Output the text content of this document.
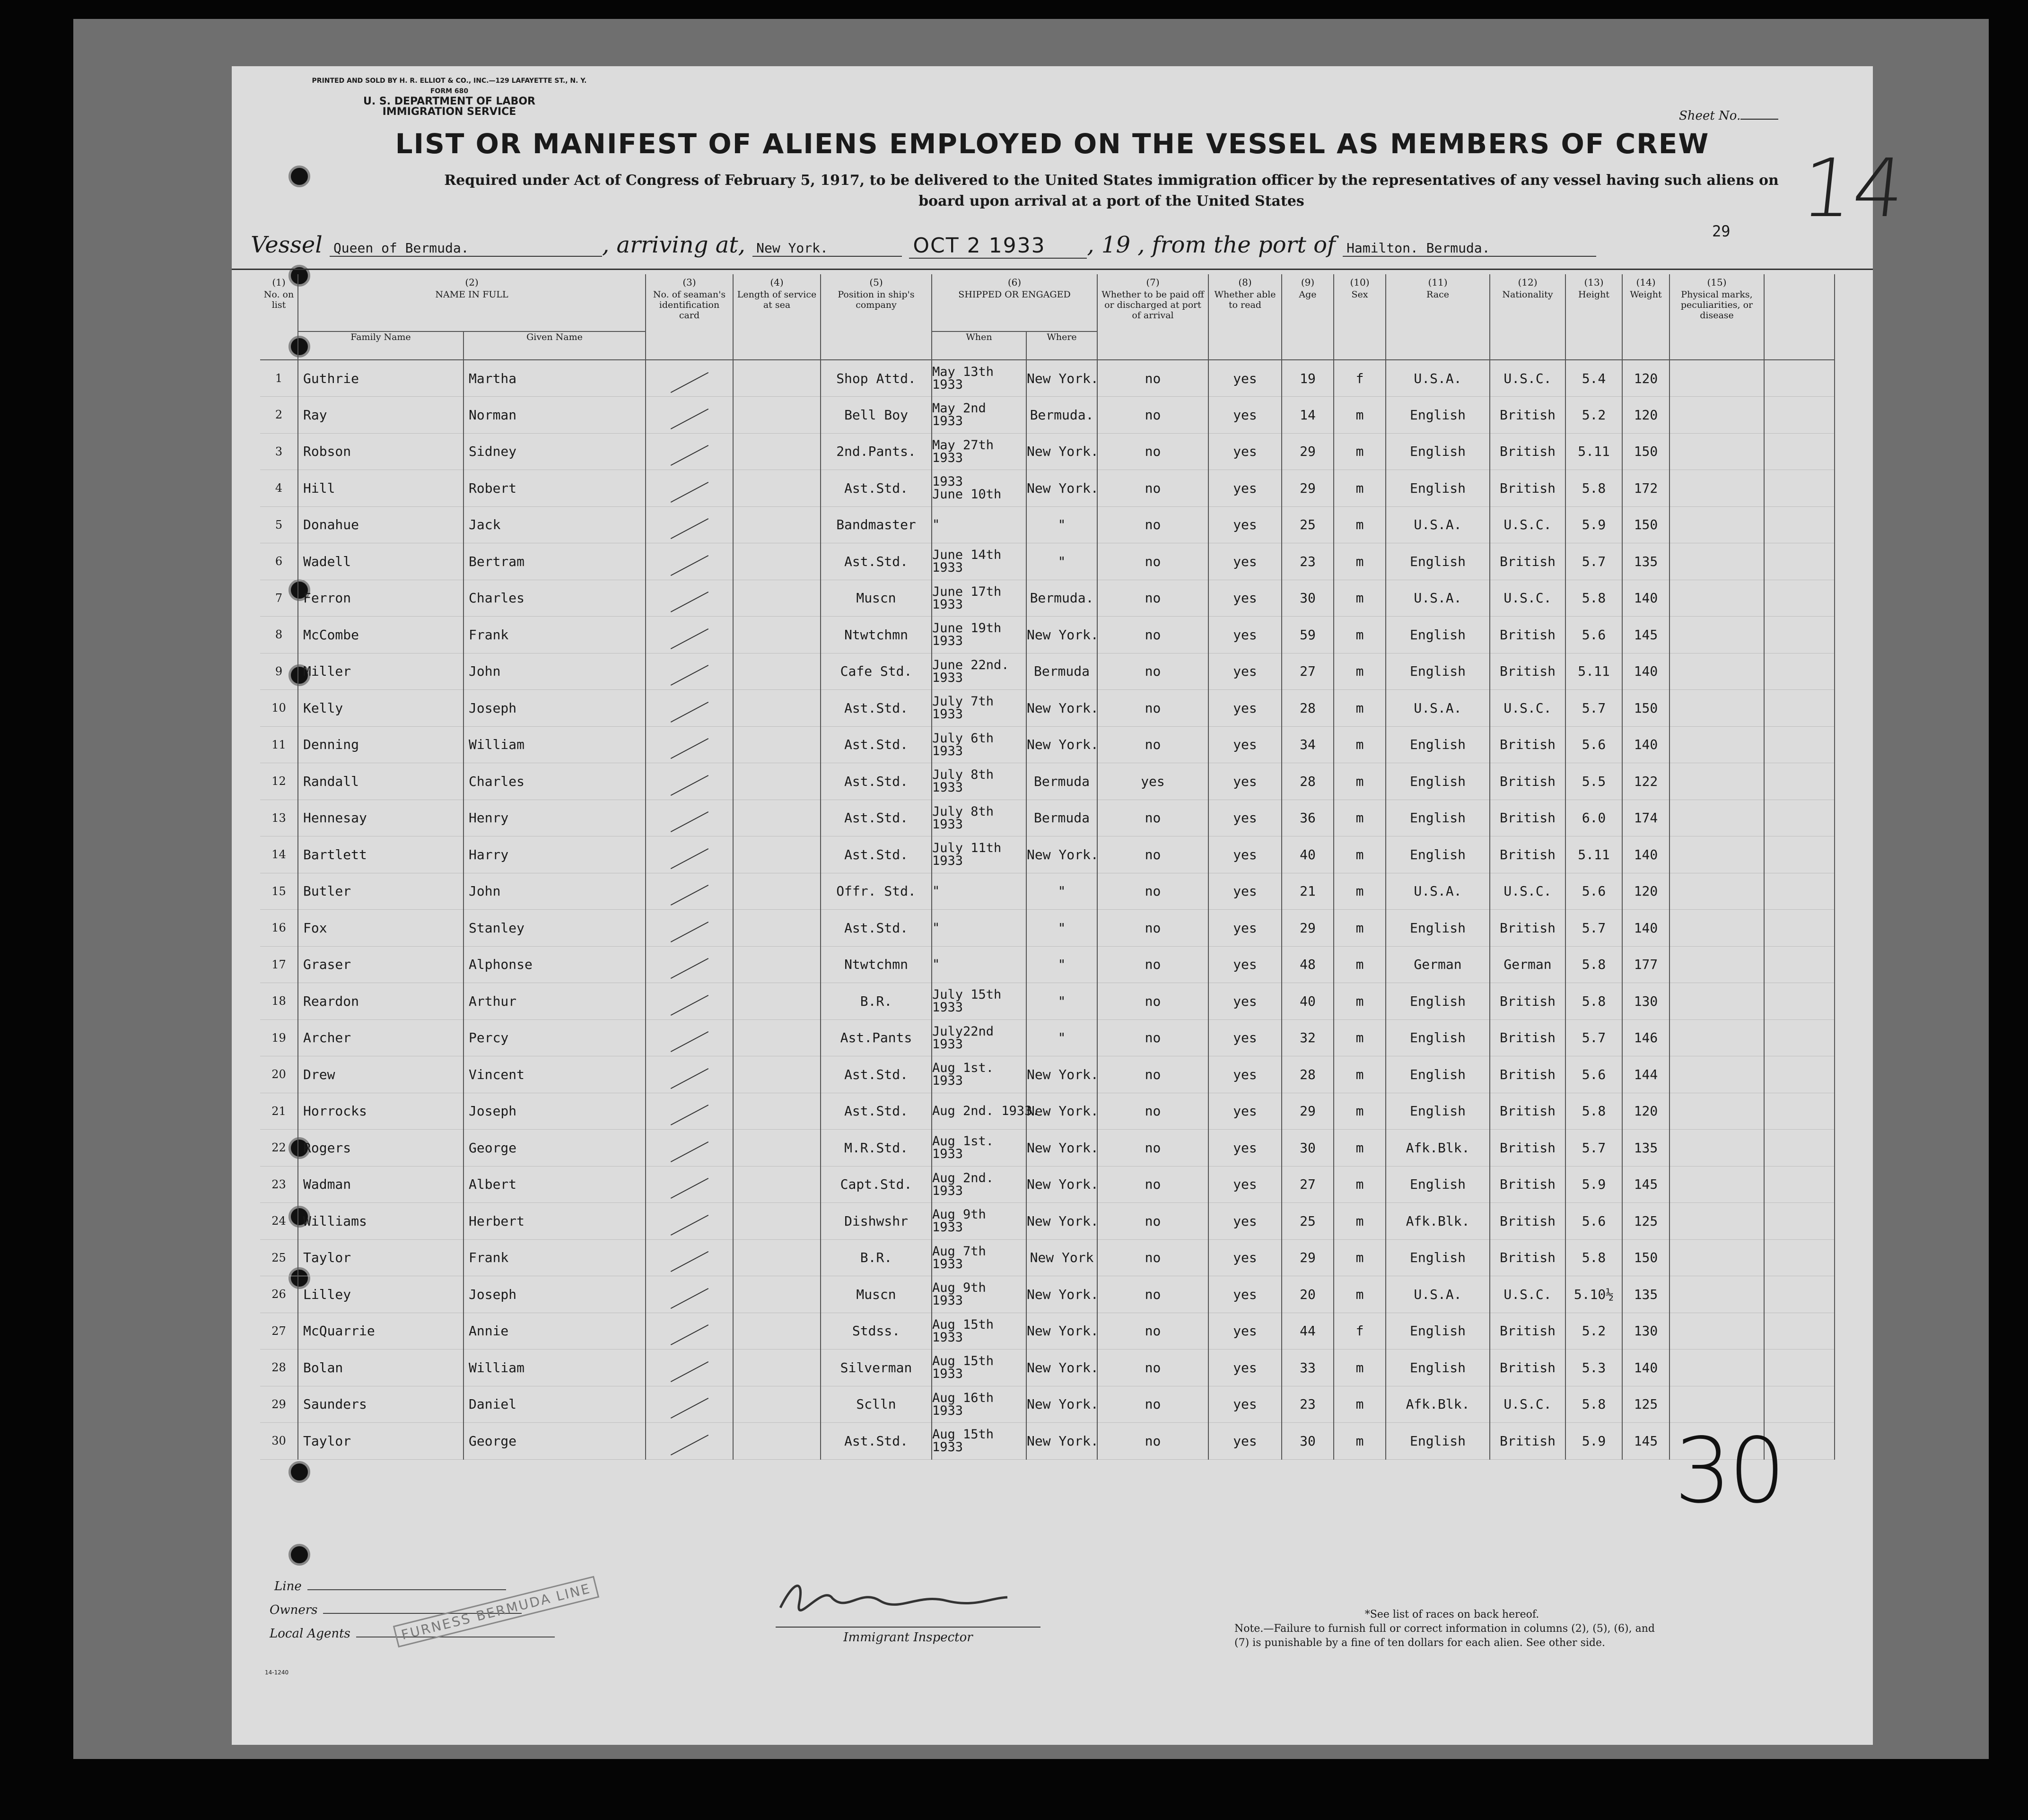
PRINTED AND SOLD BY H. R. ELLIOT & CO., INC.—129 LAFAYETTE ST., N. Y.
FORM 680
U. S. DEPARTMENT OF LABOR
IMMIGRATION SERVICE	Sheet No.
LIST OR MANIFEST OF ALIENS EMPLOYED ON THE VESSEL AS MEMBERS OF CREW
Required under Act of Congress of February 5, 1917, to be delivered to the United States immigration officer by the representatives of any vessel having such aliens on board upon arrival at a port of the United States	14
Vessel Queen of Bermuda.	, arriving at, New York.	OCT 2 1933 , 19 , from the port of Hamilton. Bermuda.
29
(1)
No. on list	(2)
NAME IN FULL		(3)
No. of seaman's identification card	(4)
Length of service at sea	(5)
Position in ship's company	(6)
SHIPPED OR ENGAGED		(7)
Whether to be paid off or discharged at port of arrival	(8)
Whether able to read	(9)
Age	(10)
Sex	(11)
Race	(12)
Nationality	(13)
Height	(14)
Weight	(15)
Physical marks, peculiarities, or disease	

	Family Name	Given Name				When	Where										
1	Guthrie	Martha			Shop Attd.	May 13th
1933	New York.	no	yes	19	f	U.S.A.	U.S.C.	5.4	120		
2	Ray	Norman			Bell Boy	May 2nd
1933	Bermuda.	no	yes	14	m	English	British	5.2	120		
3	Robson	Sidney			2nd.Pants.	May 27th
1933	New York.	no	yes	29	m	English	British	5.11	150		
4	Hill	Robert			Ast.Std.	1933
June 10th	New York.	no	yes	29	m	English	British	5.8	172		
5	Donahue	Jack			Bandmaster	"	"	no	yes	25	m	U.S.A.	U.S.C.	5.9	150		
6	Wadell	Bertram			Ast.Std.	June 14th
1933	"	no	yes	23	m	English	British	5.7	135		
7	Ferron	Charles			Muscn	June 17th
1933	Bermuda.	no	yes	30	m	U.S.A.	U.S.C.	5.8	140		
8	McCombe	Frank			Ntwtchmn	June 19th
1933	New York.	no	yes	59	m	English	British	5.6	145		
9	Miller	John			Cafe Std.	June 22nd.
1933	Bermuda	no	yes	27	m	English	British	5.11	140		
10	Kelly	Joseph			Ast.Std.	July 7th
1933	New York.	no	yes	28	m	U.S.A.	U.S.C.	5.7	150		
11	Denning	William			Ast.Std.	July 6th
1933	New York.	no	yes	34	m	English	British	5.6	140		
12	Randall	Charles			Ast.Std.	July 8th
1933	Bermuda	yes	yes	28	m	English	British	5.5	122		
13	Hennesay	Henry			Ast.Std.	July 8th
1933	Bermuda	no	yes	36	m	English	British	6.0	174		
14	Bartlett	Harry			Ast.Std.	July 11th
1933	New York.	no	yes	40	m	English	British	5.11	140		
15	Butler	John			Offr. Std.	"	"	no	yes	21	m	U.S.A.	U.S.C.	5.6	120		
16	Fox	Stanley			Ast.Std.	"	"	no	yes	29	m	English	British	5.7	140		
17	Graser	Alphonse			Ntwtchmn	"	"	no	yes	48	m	German	German	5.8	177		
18	Reardon	Arthur			B.R.	July 15th
1933	"	no	yes	40	m	English	British	5.8	130		
19	Archer	Percy			Ast.Pants	July22nd
1933	"	no	yes	32	m	English	British	5.7	146		
20	Drew	Vincent			Ast.Std.	Aug 1st.
1933	New York.	no	yes	28	m	English	British	5.6	144		
21	Horrocks	Joseph			Ast.Std.	Aug 2nd. 1933.	New York.	no	yes	29	m	English	British	5.8	120		
22	Rogers	George			M.R.Std.	Aug 1st.
1933	New York.	no	yes	30	m	Afk.Blk.	British	5.7	135		
23	Wadman	Albert			Capt.Std.	Aug 2nd.
1933	New York.	no	yes	27	m	English	British	5.9	145		
24	Williams	Herbert			Dishwshr	Aug 9th
1933	New York.	no	yes	25	m	Afk.Blk.	British	5.6	125		
25	Taylor	Frank			B.R.	Aug 7th
1933	New York	no	yes	29	m	English	British	5.8	150		
26	Lilley	Joseph			Muscn	Aug 9th
1933	New York.	no	yes	20	m	U.S.A.	U.S.C.	5.10½	135		
27	McQuarrie	Annie			Stdss.	Aug 15th
1933	New York.	no	yes	44	f	English	British	5.2	130		
28	Bolan	William			Silverman	Aug 15th
1933	New York.	no	yes	33	m	English	British	5.3	140		
29	Saunders	Daniel			Sclln	Aug 16th
1933	New York.	no	yes	23	m	Afk.Blk.	U.S.C.	5.8	125		
30	Taylor	George			Ast.Std.	Aug 15th
1933	New York.	no	yes	30	m	English	British	5.9	145		30
Line
Owners
Local Agents	FURNESS BERMUDA LINE
14-1240
Immigrant Inspector
*See list of races on back hereof.
Note.—Failure to furnish full or correct information in columns (2), (5), (6), and (7) is punishable by a fine of ten dollars for each alien. See other side.
